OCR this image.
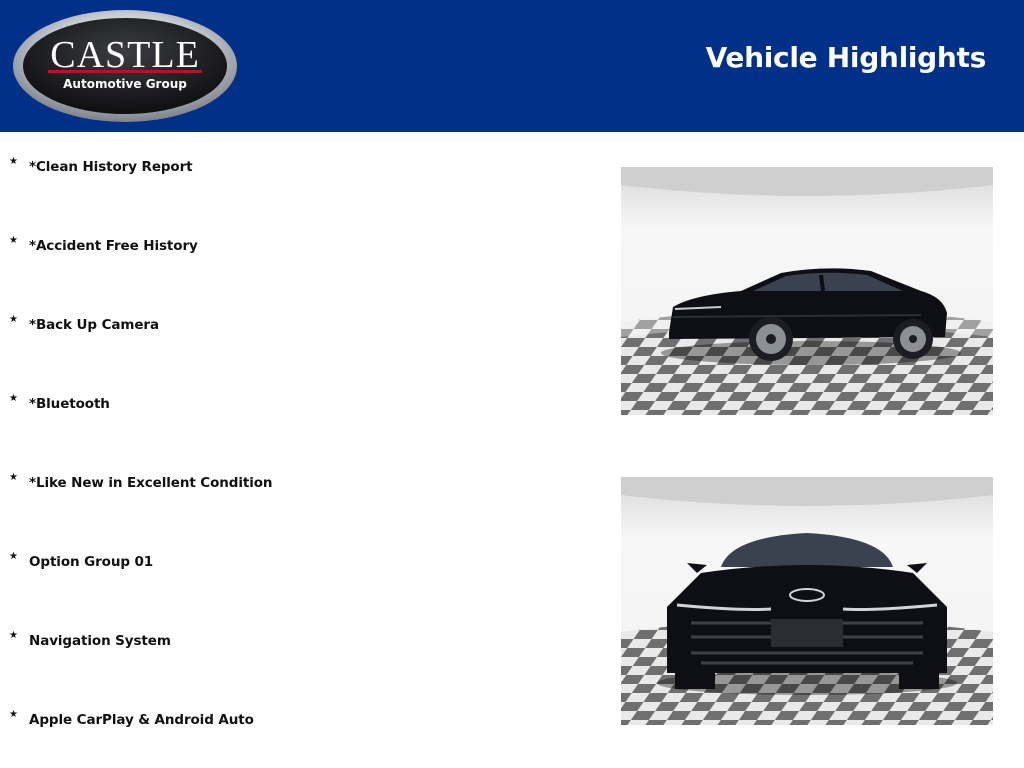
CASTLE
Automotive Group
Vehicle Highlights
★ *Clean History Report
★ *Accident Free History
★ *Back Up Camera
★ *Bluetooth
★ *Like New in Excellent Condition
★ Option Group 01
★ Navigation System
★ Apple CarPlay & Android Auto
